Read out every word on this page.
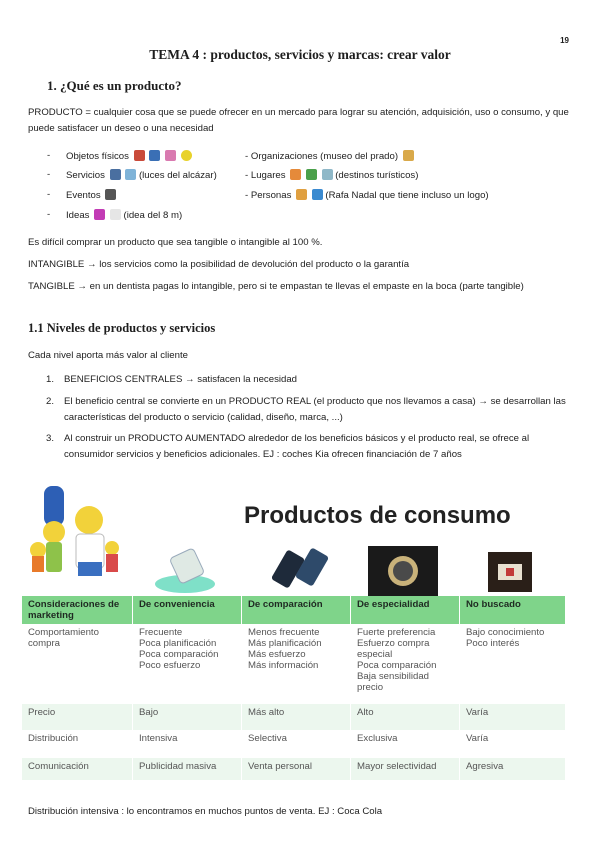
19
TEMA 4 : productos, servicios y marcas: crear valor
1. ¿Qué es un producto?
PRODUCTO = cualquier cosa que se puede ofrecer en un mercado para lograr su atención, adquisición, uso o consumo, y que puede satisfacer un deseo o una necesidad
- Objetos físicos
- Servicios	(luces del alcázar)
- Eventos
- Ideas	(idea del 8 m)
- Organizaciones (museo del prado)
- Lugares	(destinos turísticos)
- Personas	(Rafa Nadal que tiene incluso un logo)
Es difícil comprar un producto que sea tangible o intangible al 100 %.
INTANGIBLE → los servicios como la posibilidad de devolución del producto o la garantía
TANGIBLE → en un dentista pagas lo intangible, pero si te empastan te llevas el empaste en la boca (parte tangible)
1.1 Niveles de productos y servicios
Cada nivel aporta más valor al cliente
1. BENEFICIOS CENTRALES → satisfacen la necesidad
2. El beneficio central se convierte en un PRODUCTO REAL (el producto que nos llevamos a casa) → se desarrollan las características del producto o servicio (calidad, diseño, marca, ...)
3. Al construir un PRODUCTO AUMENTADO alrededor de los beneficios básicos y el producto real, se ofrece al consumidor servicios y beneficios adicionales. EJ : coches Kia ofrecen financiación de 7 años
Productos de consumo
Consideraciones de marketing	De conveniencia	De comparación	De especialidad	No buscado
Comportamiento compra	Frecuente
Poca planificación
Poca comparación
Poco esfuerzo	Menos frecuente
Más planificación
Más esfuerzo
Más información	Fuerte preferencia
Esfuerzo compra especial
Poca comparación
Baja sensibilidad precio	Bajo conocimiento
Poco interés

Precio	Bajo	Más alto	Alto	Varía
Distribución	Intensiva	Selectiva	Exclusiva	Varía
Comunicación	Publicidad masiva	Venta personal	Mayor selectividad	Agresiva
Distribución intensiva : lo encontramos en muchos puntos de venta. EJ : Coca Cola
